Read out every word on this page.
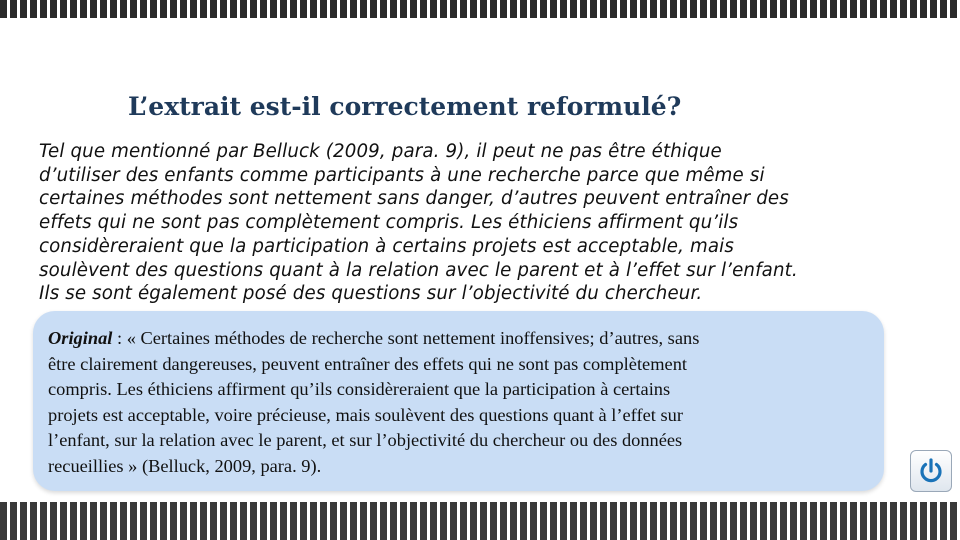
L’extrait est-il correctement reformulé?
Tel que mentionné par Belluck (2009, para. 9), il peut ne pas être éthique
d’utiliser des enfants comme participants à une recherche parce que même si
certaines méthodes sont nettement sans danger, d’autres peuvent entraîner des
effets qui ne sont pas complètement compris. Les éthiciens affirment qu’ils
considèreraient que la participation à certains projets est acceptable, mais
soulèvent des questions quant à la relation avec le parent et à l’effet sur l’enfant.
Ils se sont également posé des questions sur l’objectivité du chercheur.
Original : « Certaines méthodes de recherche sont nettement inoffensives; d’autres, sans
être clairement dangereuses, peuvent entraîner des effets qui ne sont pas complètement
compris. Les éthiciens affirment qu’ils considèreraient que la participation à certains
projets est acceptable, voire précieuse, mais soulèvent des questions quant à l’effet sur
l’enfant, sur la relation avec le parent, et sur l’objectivité du chercheur ou des données
recueillies » (Belluck, 2009, para. 9).
